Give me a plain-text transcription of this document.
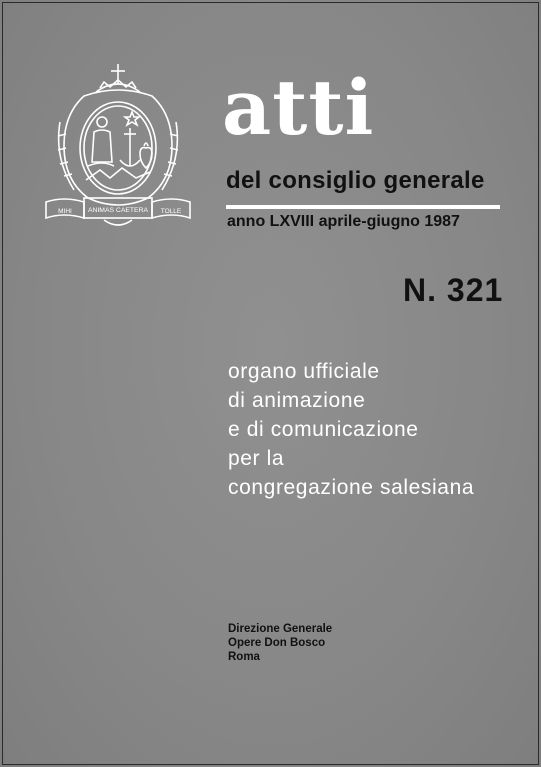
MIHI ANIMAS CAETERA TOLLE
atti
del consiglio generale
anno LXVIII aprile-giugno 1987
N. 321
organo ufficiale
di animazione
e di comunicazione
per la
congregazione salesiana
Direzione Generale
Opere Don Bosco
Roma
